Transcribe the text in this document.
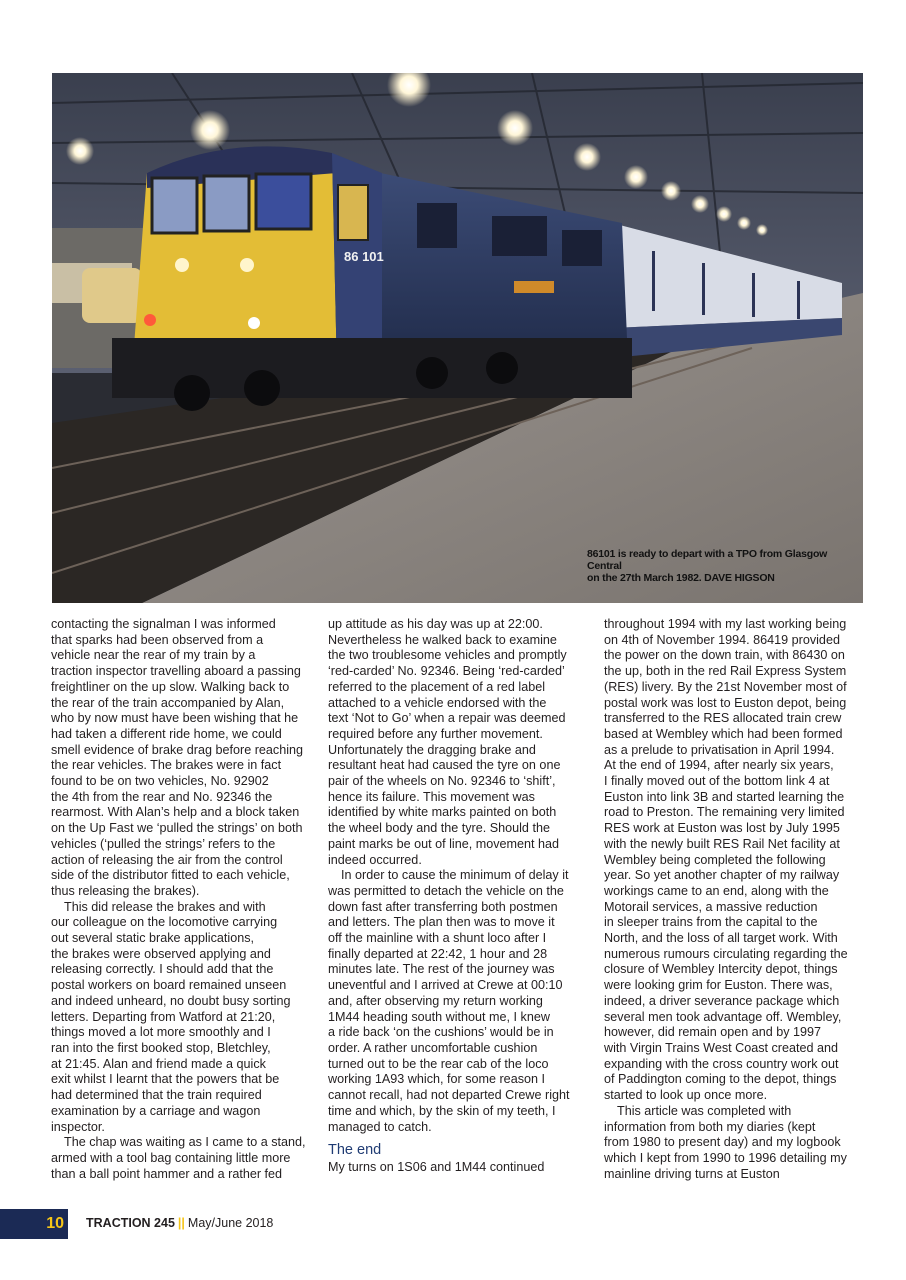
86 101
86101 is ready to depart with a TPO from Glasgow Central
on the 27th March 1982. DAVE HIGSON

contacting the signalman I was informed
that sparks had been observed from a
vehicle near the rear of my train by a
traction inspector travelling aboard a passing
freightliner on the up slow. Walking back to
the rear of the train accompanied by Alan,
who by now must have been wishing that he
had taken a different ride home, we could
smell evidence of brake drag before reaching
the rear vehicles. The brakes were in fact
found to be on two vehicles, No. 92902
the 4th from the rear and No. 92346 the
rearmost. With Alan’s help and a block taken
on the Up Fast we ‘pulled the strings’ on both
vehicles (‘pulled the strings’ refers to the
action of releasing the air from the control
side of the distributor fitted to each vehicle,
thus releasing the brakes).

This did release the brakes and with
our colleague on the locomotive carrying
out several static brake applications,
the brakes were observed applying and
releasing correctly. I should add that the
postal workers on board remained unseen
and indeed unheard, no doubt busy sorting
letters. Departing from Watford at 21:20,
things moved a lot more smoothly and I
ran into the first booked stop, Bletchley,
at 21:45. Alan and friend made a quick
exit whilst I learnt that the powers that be
had determined that the train required
examination by a carriage and wagon
inspector.

The chap was waiting as I came to a stand,
armed with a tool bag containing little more
than a ball point hammer and a rather fed

up attitude as his day was up at 22:00.
Nevertheless he walked back to examine
the two troublesome vehicles and promptly
‘red-carded’ No. 92346. Being ‘red-carded’
referred to the placement of a red label
attached to a vehicle endorsed with the
text ‘Not to Go’ when a repair was deemed
required before any further movement.
Unfortunately the dragging brake and
resultant heat had caused the tyre on one
pair of the wheels on No. 92346 to ‘shift’,
hence its failure. This movement was
identified by white marks painted on both
the wheel body and the tyre. Should the
paint marks be out of line, movement had
indeed occurred.

In order to cause the minimum of delay it
was permitted to detach the vehicle on the
down fast after transferring both postmen
and letters. The plan then was to move it
off the mainline with a shunt loco after I
finally departed at 22:42, 1 hour and 28
minutes late. The rest of the journey was
uneventful and I arrived at Crewe at 00:10
and, after observing my return working
1M44 heading south without me, I knew
a ride back ‘on the cushions’ would be in
order. A rather uncomfortable cushion
turned out to be the rear cab of the loco
working 1A93 which, for some reason I
cannot recall, had not departed Crewe right
time and which, by the skin of my teeth, I
managed to catch.

The end

My turns on 1S06 and 1M44 continued

throughout 1994 with my last working being
on 4th of November 1994. 86419 provided
the power on the down train, with 86430 on
the up, both in the red Rail Express System
(RES) livery. By the 21st November most of
postal work was lost to Euston depot, being
transferred to the RES allocated train crew
based at Wembley which had been formed
as a prelude to privatisation in April 1994.
At the end of 1994, after nearly six years,
I finally moved out of the bottom link 4 at
Euston into link 3B and started learning the
road to Preston. The remaining very limited
RES work at Euston was lost by July 1995
with the newly built RES Rail Net facility at
Wembley being completed the following
year. So yet another chapter of my railway
workings came to an end, along with the
Motorail services, a massive reduction
in sleeper trains from the capital to the
North, and the loss of all target work. With
numerous rumours circulating regarding the
closure of Wembley Intercity depot, things
were looking grim for Euston. There was,
indeed, a driver severance package which
several men took advantage off. Wembley,
however, did remain open and by 1997
with Virgin Trains West Coast created and
expanding with the cross country work out
of Paddington coming to the depot, things
started to look up once more.

This article was completed with
information from both my diaries (kept
from 1980 to present day) and my logbook
which I kept from 1990 to 1996 detailing my
mainline driving turns at Euston

10	TRACTION 245 || May/June 2018
